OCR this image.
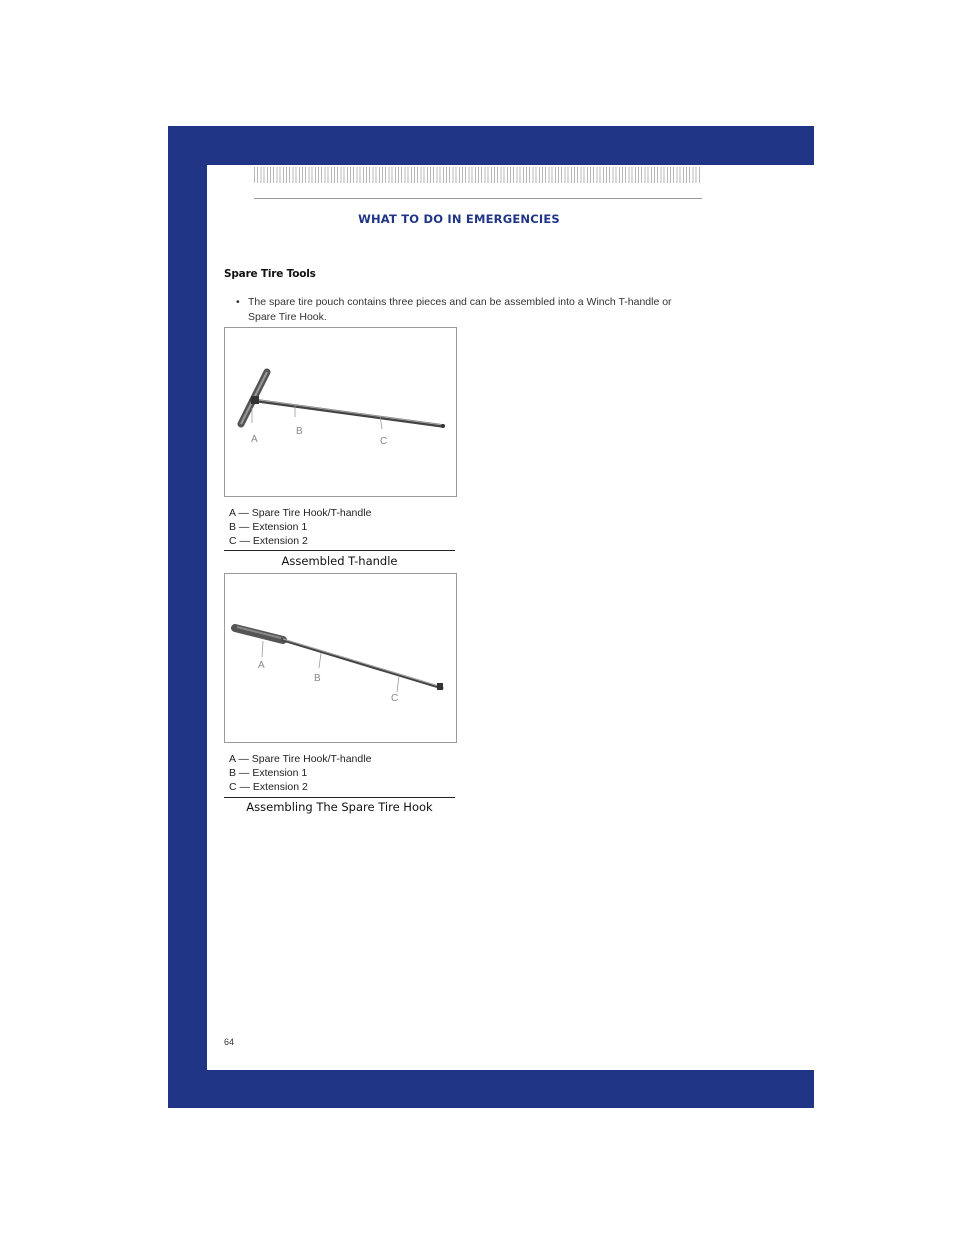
WHAT TO DO IN EMERGENCIES
Spare Tire Tools
• The spare tire pouch contains three pieces and can be assembled into a Winch T-handle or Spare Tire Hook.
A
B
C
A — Spare Tire Hook/T-handle
B — Extension 1
C — Extension 2
Assembled T-handle
A
B
C
A — Spare Tire Hook/T-handle
B — Extension 1
C — Extension 2
Assembling The Spare Tire Hook
64
